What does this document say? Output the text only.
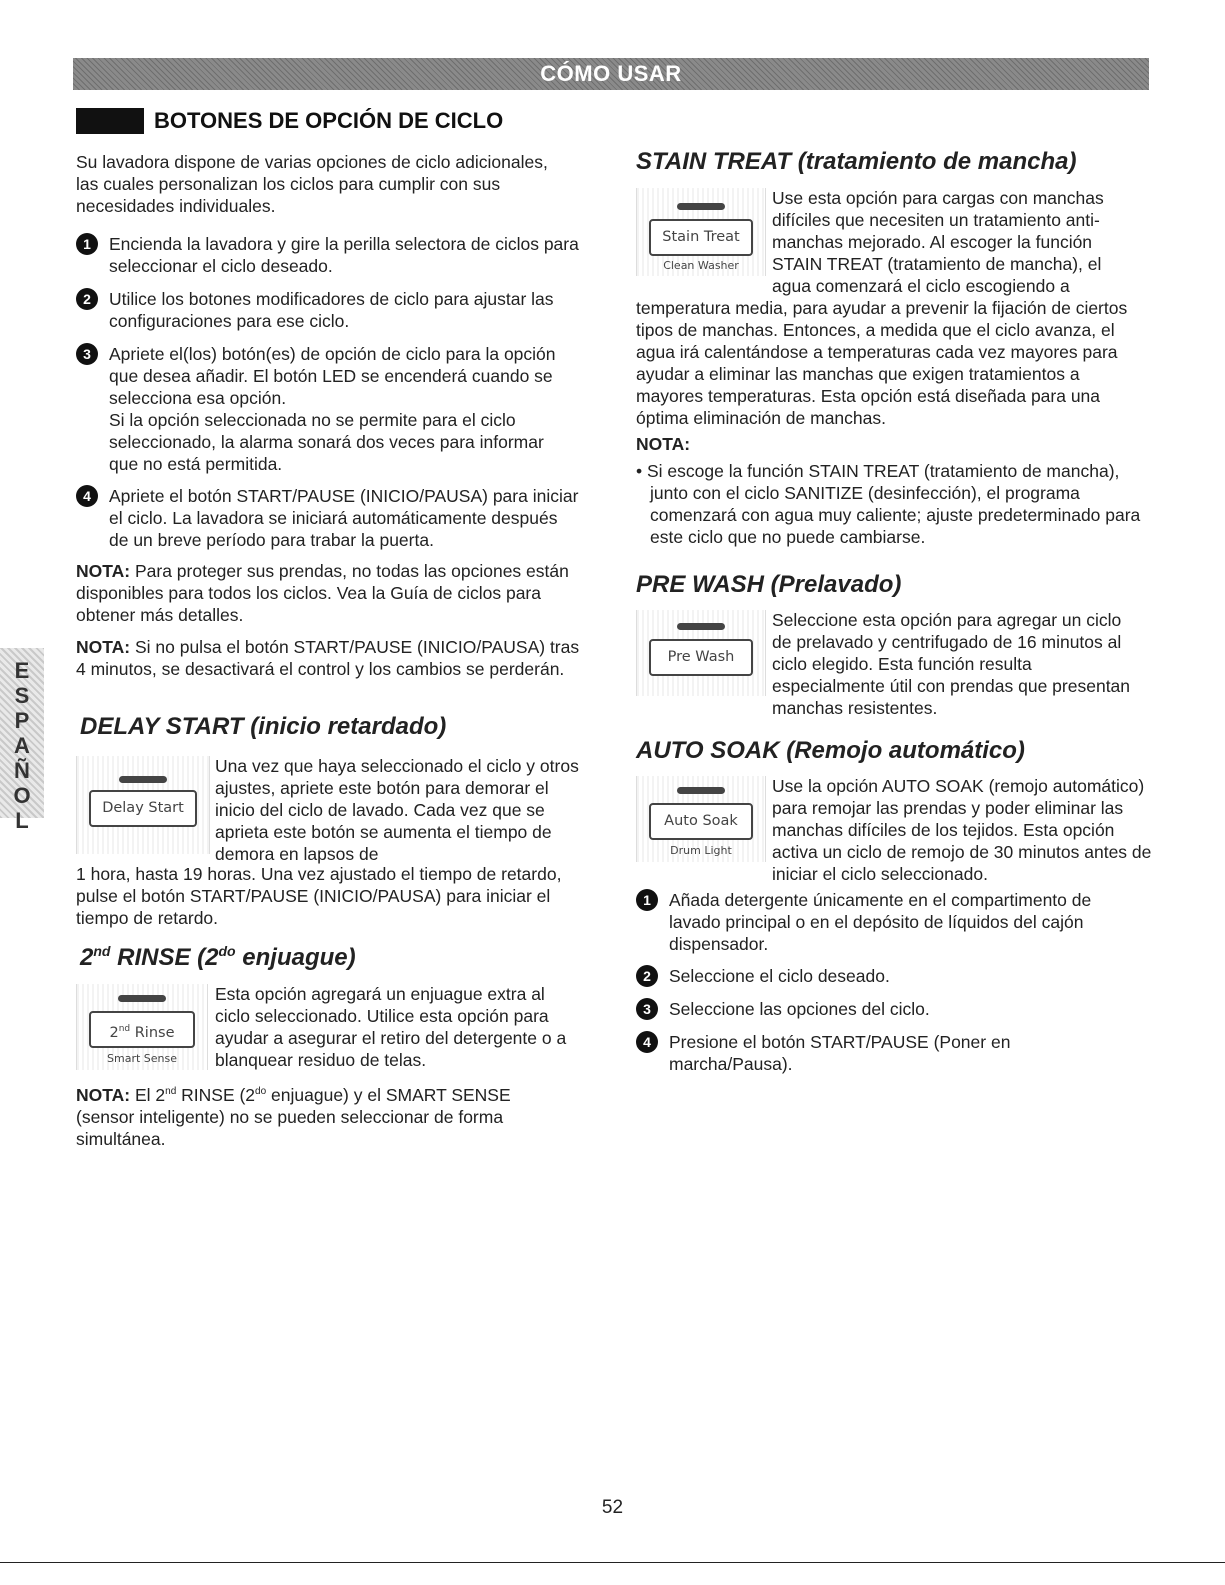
CÓMO USAR
E
S
P
A
Ñ
O
L
BOTONES DE OPCIÓN DE CICLO

Su lavadora dispone de varias opciones de ciclo adicionales, las cuales personalizan los ciclos para cumplir con sus necesidades individuales.

1	Encienda la lavadora y gire la perilla selectora de ciclos para seleccionar el ciclo deseado.
2	Utilice los botones modificadores de ciclo para ajustar las configuraciones para ese ciclo.
3	Apriete el(los) botón(es) de opción de ciclo para la opción que desea añadir. El botón LED se encenderá cuando se selecciona esa opción.
Si la opción seleccionada no se permite para el ciclo seleccionado, la alarma sonará dos veces para informar que no está permitida.
4	Apriete el botón START/PAUSE (INICIO/PAUSA) para iniciar el ciclo. La lavadora se iniciará automáticamente después de un breve período para trabar la puerta.

NOTA: Para proteger sus prendas, no todas las opciones están disponibles para todos los ciclos. Vea la Guía de ciclos para obtener más detalles.

NOTA: Si no pulsa el botón START/PAUSE (INICIO/PAUSA) tras 4 minutos, se desactivará el control y los cambios se perderán.

DELAY START (inicio retardado)
Delay Start

Una vez que haya seleccionado el ciclo y otros ajustes, apriete este botón para demorar el inicio del ciclo de lavado. Cada vez que se aprieta este botón se aumenta el tiempo de demora en lapsos de

1 hora, hasta 19 horas. Una vez ajustado el tiempo de retardo, pulse el botón START/PAUSE (INICIO/PAUSA) para iniciar el tiempo de retardo.

2nd RINSE ($2^{do}$ enjuague)
2nd Rinse
Smart Sense

Esta opción agregará un enjuague extra al ciclo seleccionado. Utilice esta opción para ayudar a asegurar el retiro del detergente o a blanquear residuo de telas.

NOTA: El 2nd RINSE ($2^{do}$ enjuague) y el SMART SENSE (sensor inteligente) no se pueden seleccionar de forma simultánea.

STAIN TREAT (tratamiento de mancha)
Stain Treat
Clean Washer

Use esta opción para cargas con manchas difíciles que necesiten un tratamiento anti-manchas mejorado. Al escoger la función STAIN TREAT (tratamiento de mancha), el agua comenzará el ciclo escogiendo a

temperatura media, para ayudar a prevenir la fijación de ciertos tipos de manchas. Entonces, a medida que el ciclo avanza, el agua irá calentándose a temperaturas cada vez mayores para ayudar a eliminar las manchas que exigen tratamientos a mayores temperaturas. Esta opción está diseñada para una óptima eliminación de manchas.

NOTA:

• Si escoge la función STAIN TREAT (tratamiento de mancha), junto con el ciclo SANITIZE (desinfección), el programa comenzará con agua muy caliente; ajuste predeterminado para este ciclo que no puede cambiarse.

PRE WASH (Prelavado)
Pre Wash

Seleccione esta opción para agregar un ciclo de prelavado y centrifugado de 16 minutos al ciclo elegido. Esta función resulta especialmente útil con prendas que presentan manchas resistentes.

AUTO SOAK (Remojo automático)
Auto Soak
Drum Light

Use la opción AUTO SOAK (remojo automático) para remojar las prendas y poder eliminar las manchas difíciles de los tejidos. Esta opción activa un ciclo de remojo de 30 minutos antes de iniciar el ciclo seleccionado.

1	Añada detergente únicamente en el compartimento de lavado principal o en el depósito de líquidos del cajón dispensador.
2	Seleccione el ciclo deseado.
3	Seleccione las opciones del ciclo.
4	Presione el botón START/PAUSE (Poner en marcha/Pausa).
52
